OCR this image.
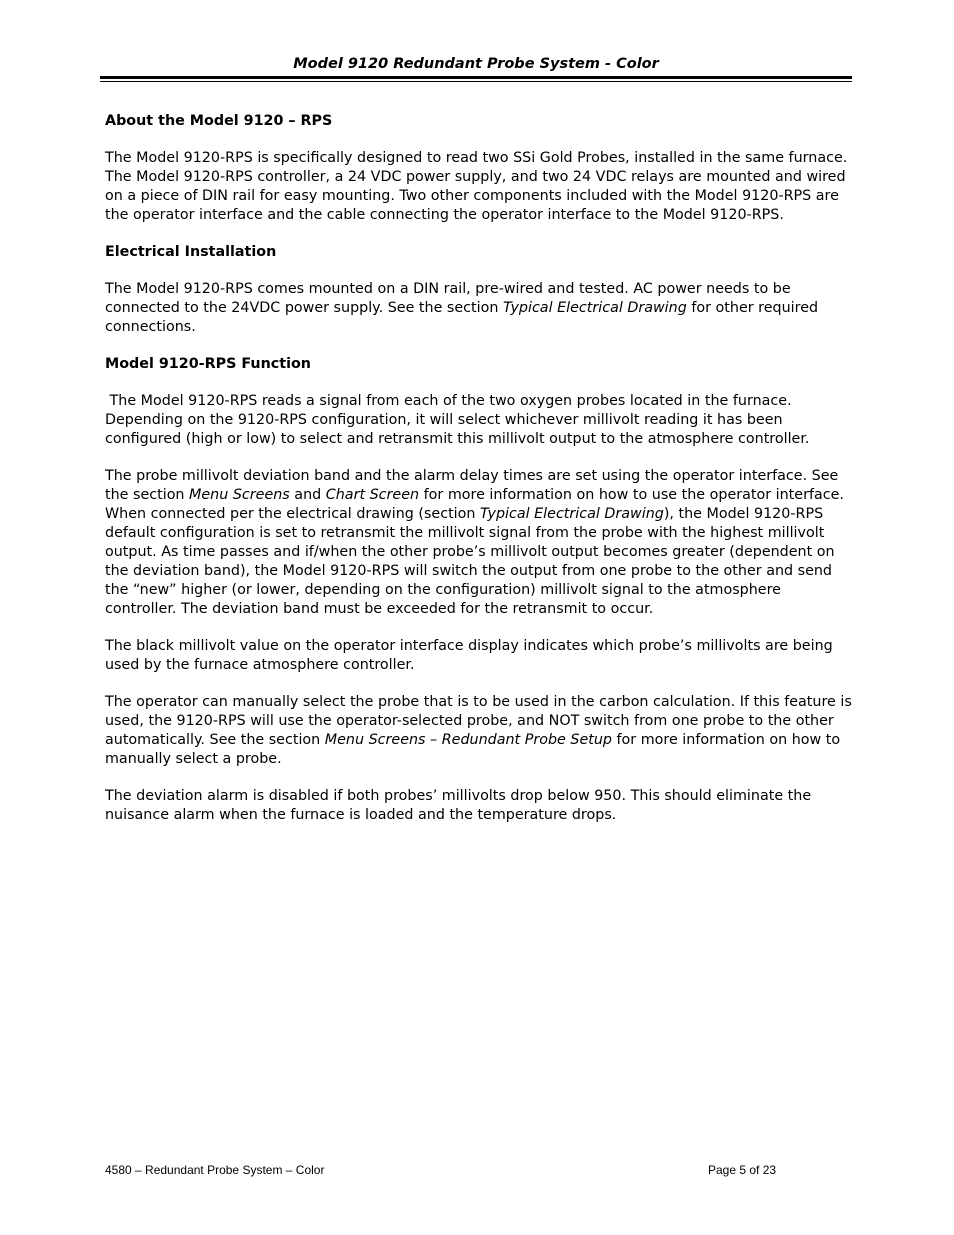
Model 9120 Redundant Probe System - Color
About the Model 9120 – RPS

The Model 9120-RPS is specifically designed to read two SSi Gold Probes, installed in the same furnace. The Model 9120-RPS controller, a 24 VDC power supply, and two 24 VDC relays are mounted and wired on a piece of DIN rail for easy mounting. Two other components included with the Model 9120-RPS are the operator interface and the cable connecting the operator interface to the Model 9120-RPS.

Electrical Installation

The Model 9120-RPS comes mounted on a DIN rail, pre-wired and tested. AC power needs to be connected to the 24VDC power supply. See the section Typical Electrical Drawing for other required connections.

Model 9120-RPS Function

The Model 9120-RPS reads a signal from each of the two oxygen probes located in the furnace. Depending on the 9120-RPS configuration, it will select whichever millivolt reading it has been configured (high or low) to select and retransmit this millivolt output to the atmosphere controller.

The probe millivolt deviation band and the alarm delay times are set using the operator interface. See the section Menu Screens and Chart Screen for more information on how to use the operator interface. When connected per the electrical drawing (section Typical Electrical Drawing), the Model 9120-RPS default configuration is set to retransmit the millivolt signal from the probe with the highest millivolt output. As time passes and if/when the other probe’s millivolt output becomes greater (dependent on the deviation band), the Model 9120-RPS will switch the output from one probe to the other and send the “new” higher (or lower, depending on the configuration) millivolt signal to the atmosphere controller. The deviation band must be exceeded for the retransmit to occur.

The black millivolt value on the operator interface display indicates which probe’s millivolts are being used by the furnace atmosphere controller.

The operator can manually select the probe that is to be used in the carbon calculation. If this feature is used, the 9120-RPS will use the operator-selected probe, and NOT switch from one probe to the other automatically. See the section Menu Screens – Redundant Probe Setup for more information on how to manually select a probe.

The deviation alarm is disabled if both probes’ millivolts drop below 950. This should eliminate the nuisance alarm when the furnace is loaded and the temperature drops.

4580 – Redundant Probe System – Color	Page 5 of 23
